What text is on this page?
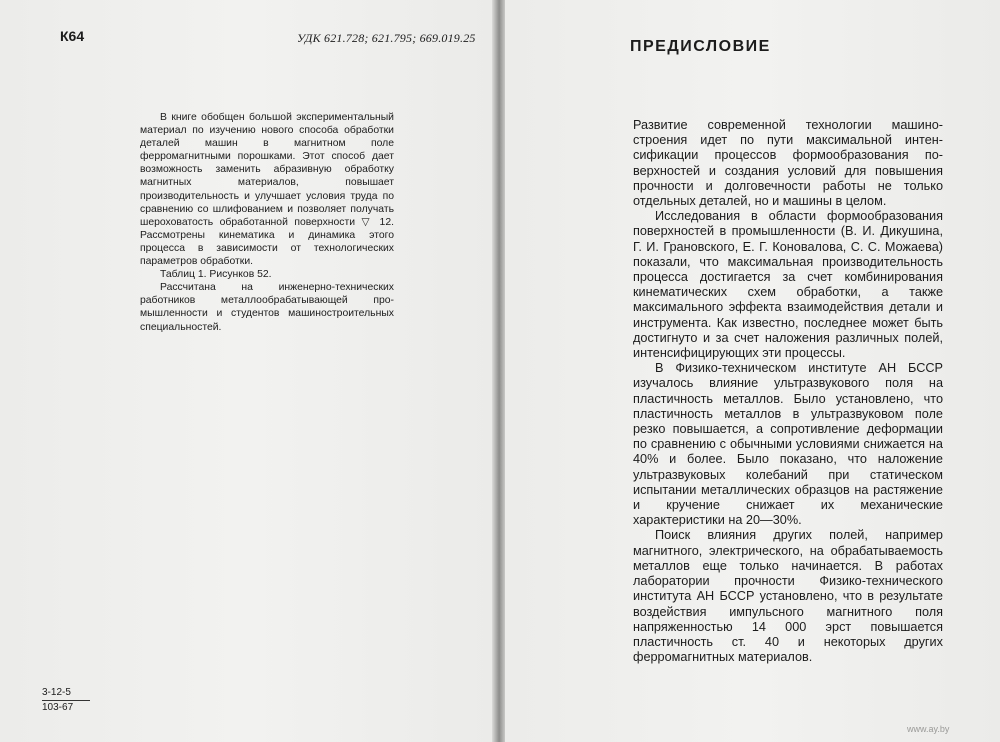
К64	УДК 621.728; 621.795; 669.019.25

В книге обобщен большой экспериментальный материал по изучению нового способа обработки деталей машин в магнитном поле ферромагнитными порошками. Этот способ дает возможность заменить абразивную обработку магнитных материалов, повышает производительность и улучшает условия труда по сравнению со шлифованием и позволяет получать шероховатость обработанной поверхности ▽ 12. Рассмотрены кинематика и динамика этого процесса в зависимости от технологических параметров обработки.

Таблиц 1. Рисунков 52.

Рассчитана на инженерно-технических работников металлообрабатывающей промышленности и студентов машиностроительных специальностей.

3-12-5
103-67
ПРЕДИСЛОВИЕ

Развитие современной технологии машиностроения идет по пути максимальной интенсификации процессов формообразования поверхностей и создания условий для повышения прочности и долговечности работы не только отдельных деталей, но и машины в целом.

Исследования в области формообразования поверхностей в промышленности (В. И. Дикушина, Г. И. Грановского, Е. Г. Коновалова, С. С. Можаева) показали, что максимальная производительность процесса достигается за счет комбинирования кинематических схем обработки, а также максимального эффекта взаимодействия детали и инструмента. Как известно, последнее может быть достигнуто и за счет наложения различных полей, интенсифицирующих эти процессы.

В Физико-техническом институте АН БССР изучалось влияние ультразвукового поля на пластичность металлов. Было установлено, что пластичность металлов в ультразвуковом поле резко повышается, а сопротивление деформации по сравнению с обычными условиями снижается на 40% и более. Было показано, что наложение ультразвуковых колебаний при статическом испытании металлических образцов на растяжение и кручение снижает их механические характеристики на 20—30%.

Поиск влияния других полей, например магнитного, электрического, на обрабатываемость металлов еще только начинается. В работах лаборатории прочности Физико-технического института АН БССР установлено, что в результате воздействия импульсного магнитного поля напряженностью 14 000 эрст повышается пластичность ст. 40 и некоторых других ферромагнитных материалов.

www.ay.by
